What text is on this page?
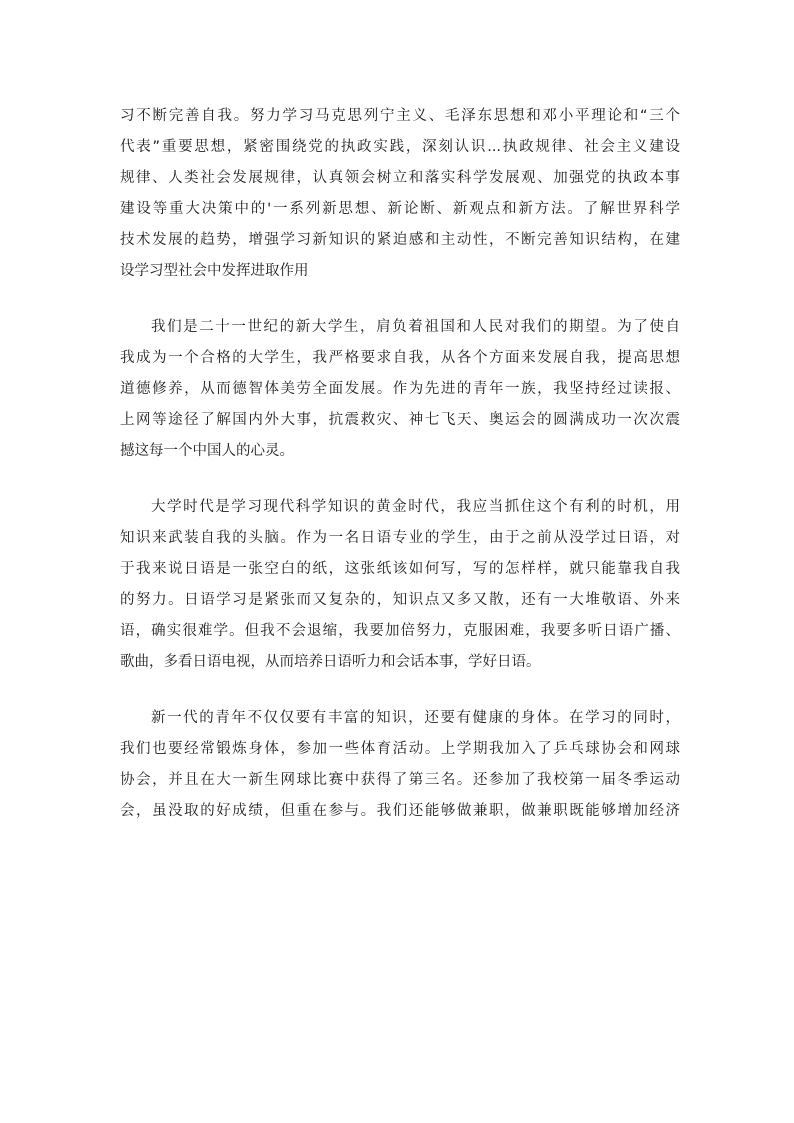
习不断完善自我。努力学习马克思列宁主义、毛泽东思想和邓小平理论和“三个
代表”重要思想，紧密围绕党的执政实践，深刻认识...执政规律、社会主义建设
规律、人类社会发展规律，认真领会树立和落实科学发展观、加强党的执政本事
建设等重大决策中的'一系列新思想、新论断、新观点和新方法。了解世界科学
技术发展的趋势，增强学习新知识的紧迫感和主动性，不断完善知识结构，在建
设学习型社会中发挥进取作用

我们是二十一世纪的新大学生，肩负着祖国和人民对我们的期望。为了使自
我成为一个合格的大学生，我严格要求自我，从各个方面来发展自我，提高思想
道德修养，从而德智体美劳全面发展。作为先进的青年一族，我坚持经过读报、
上网等途径了解国内外大事，抗震救灾、神七飞天、奥运会的圆满成功一次次震
撼这每一个中国人的心灵。

大学时代是学习现代科学知识的黄金时代，我应当抓住这个有利的时机，用
知识来武装自我的头脑。作为一名日语专业的学生，由于之前从没学过日语，对
于我来说日语是一张空白的纸，这张纸该如何写，写的怎样样，就只能靠我自我
的努力。日语学习是紧张而又复杂的，知识点又多又散，还有一大堆敬语、外来
语，确实很难学。但我不会退缩，我要加倍努力，克服困难，我要多听日语广播、
歌曲，多看日语电视，从而培养日语听力和会话本事，学好日语。

新一代的青年不仅仅要有丰富的知识，还要有健康的身体。在学习的同时，
我们也要经常锻炼身体，参加一些体育活动。上学期我加入了乒乓球协会和网球
协会，并且在大一新生网球比赛中获得了第三名。还参加了我校第一届冬季运动
会，虽没取的好成绩，但重在参与。我们还能够做兼职，做兼职既能够增加经济
